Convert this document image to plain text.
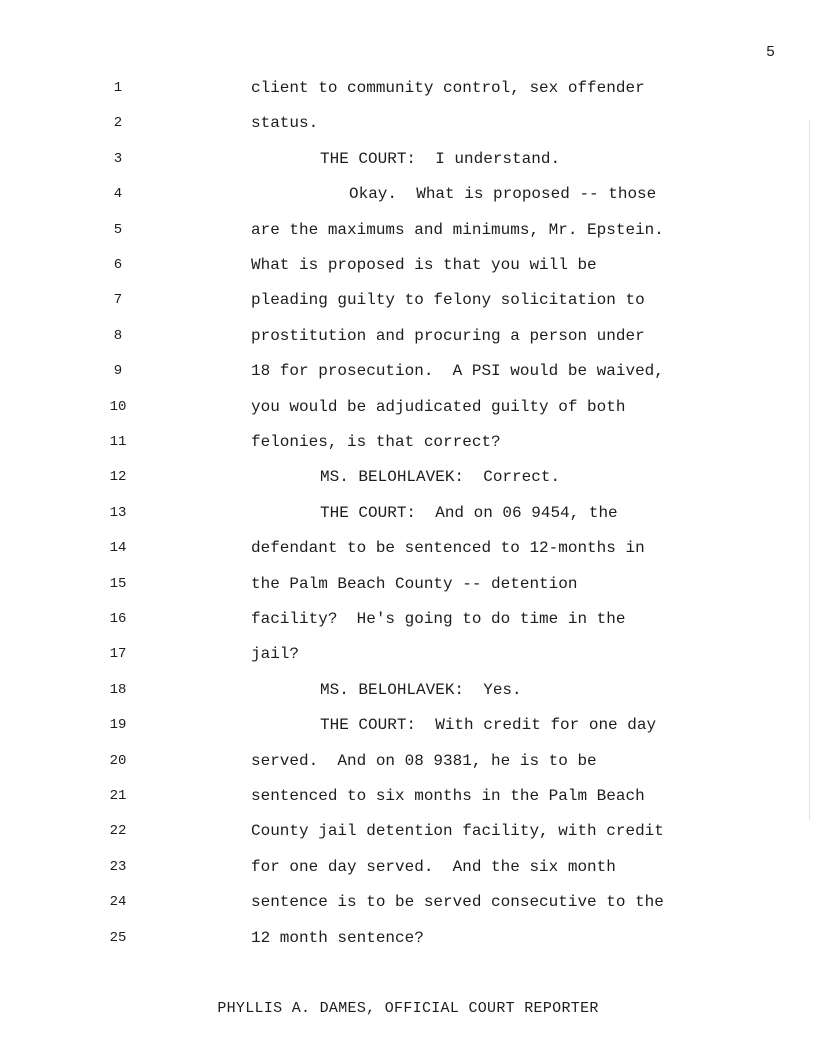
5
1	client to community control, sex offender
2	status.
3	THE COURT:  I understand.
4	Okay.  What is proposed -- those
5	are the maximums and minimums, Mr. Epstein.
6	What is proposed is that you will be
7	pleading guilty to felony solicitation to
8	prostitution and procuring a person under
9	18 for prosecution.  A PSI would be waived,
10	you would be adjudicated guilty of both
11	felonies, is that correct?
12	MS. BELOHLAVEK:  Correct.
13	THE COURT:  And on 06 9454, the
14	defendant to be sentenced to 12-months in
15	the Palm Beach County -- detention
16	facility?  He's going to do time in the
17	jail?
18	MS. BELOHLAVEK:  Yes.
19	THE COURT:  With credit for one day
20	served.  And on 08 9381, he is to be
21	sentenced to six months in the Palm Beach
22	County jail detention facility, with credit
23	for one day served.  And the six month
24	sentence is to be served consecutive to the
25	12 month sentence?
PHYLLIS A. DAMES, OFFICIAL COURT REPORTER
